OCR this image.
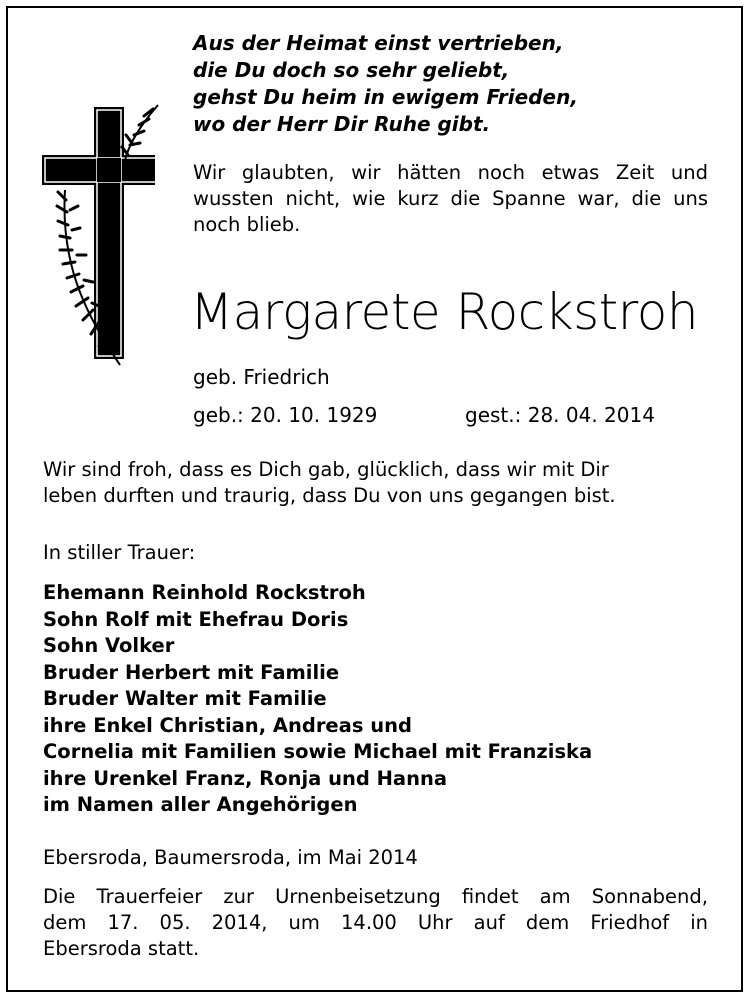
Aus der Heimat einst vertrieben,
die Du doch so sehr geliebt,
gehst Du heim in ewigem Frieden,
wo der Herr Dir Ruhe gibt.
Wir glaubten, wir hätten noch etwas Zeit und
wussten nicht, wie kurz die Spanne war, die uns
noch blieb.
Margarete Rockstroh
geb. Friedrich
geb.: 20. 10. 1929	gest.: 28. 04. 2014
Wir sind froh, dass es Dich gab, glücklich, dass wir mit Dir
leben durften und traurig, dass Du von uns gegangen bist.
In stiller Trauer:
Ehemann Reinhold Rockstroh
Sohn Rolf mit Ehefrau Doris
Sohn Volker
Bruder Herbert mit Familie
Bruder Walter mit Familie
ihre Enkel Christian, Andreas und
Cornelia mit Familien sowie Michael mit Franziska
ihre Urenkel Franz, Ronja und Hanna
im Namen aller Angehörigen
Ebersroda, Baumersroda, im Mai 2014
Die Trauerfeier zur Urnenbeisetzung findet am Sonnabend,
dem 17. 05. 2014, um 14.00 Uhr auf dem Friedhof in
Ebersroda statt.
